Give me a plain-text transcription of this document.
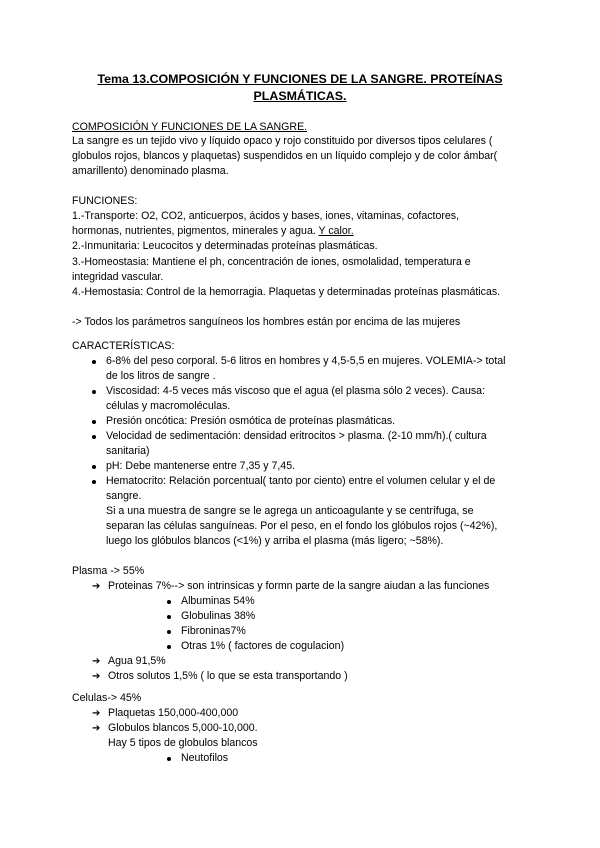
Tema 13.COMPOSICIÓN Y FUNCIONES DE LA SANGRE. PROTEÍNAS
PLASMÁTICAS.
COMPOSICIÓN Y FUNCIONES DE LA SANGRE.
La sangre es un tejido vivo y líquido opaco y rojo constituido por diversos tipos celulares (
globulos rojos, blancos y plaquetas) suspendidos en un líquido complejo y de color ámbar(
amarillento) denominado plasma.
FUNCIONES:
1.-Transporte: O2, CO2, anticuerpos, ácidos y bases, iones, vitaminas, cofactores,
hormonas, nutrientes, pigmentos, minerales y agua. Y calor.
2.-Inmunitaria: Leucocitos y determinadas proteínas plasmáticas.
3.-Homeostasia: Mantiene el ph, concentración de iones, osmolalidad, temperatura e
integridad vascular.
4.-Hemostasia: Control de la hemorragia. Plaquetas y determinadas proteínas plasmáticas.
-> Todos los parámetros sanguíneos los hombres están por encima de las mujeres
CARACTERÍSTICAS:
6-8% del peso corporal. 5-6 litros en hombres y 4,5-5,5 en mujeres. VOLEMIA-> total
de los litros de sangre .
Viscosidad: 4-5 veces más viscoso que el agua (el plasma sólo 2 veces). Causa:
células y macromoléculas.
Presión oncótica: Presión osmótica de proteínas plasmáticas.
Velocidad de sedimentación: densidad eritrocitos > plasma. (2-10 mm/h).( cultura
sanitaria)
pH: Debe mantenerse entre 7,35 y 7,45.
Hematocrito: Relación porcentual( tanto por ciento) entre el volumen celular y el de
sangre.
Si a una muestra de sangre se le agrega un anticoagulante y se centrífuga, se
separan las células sanguíneas. Por el peso, en el fondo los glóbulos rojos (~42%),
luego los glóbulos blancos (<1%) y arriba el plasma (más ligero; ~58%).
Plasma -> 55%
➔ Proteinas 7%--> son intrinsicas y formn parte de la sangre aiudan a las funciones
Albuminas 54%
Globulinas 38%
Fibroninas7%
Otras 1% ( factores de cogulacion)
➔ Agua 91,5%
➔ Otros solutos 1,5% ( lo que se esta transportando )
Celulas-> 45%
➔ Plaquetas 150,000-400,000
➔ Globulos blancos 5,000-10,000.
Hay 5 tipos de globulos blancos
Neutofilos
